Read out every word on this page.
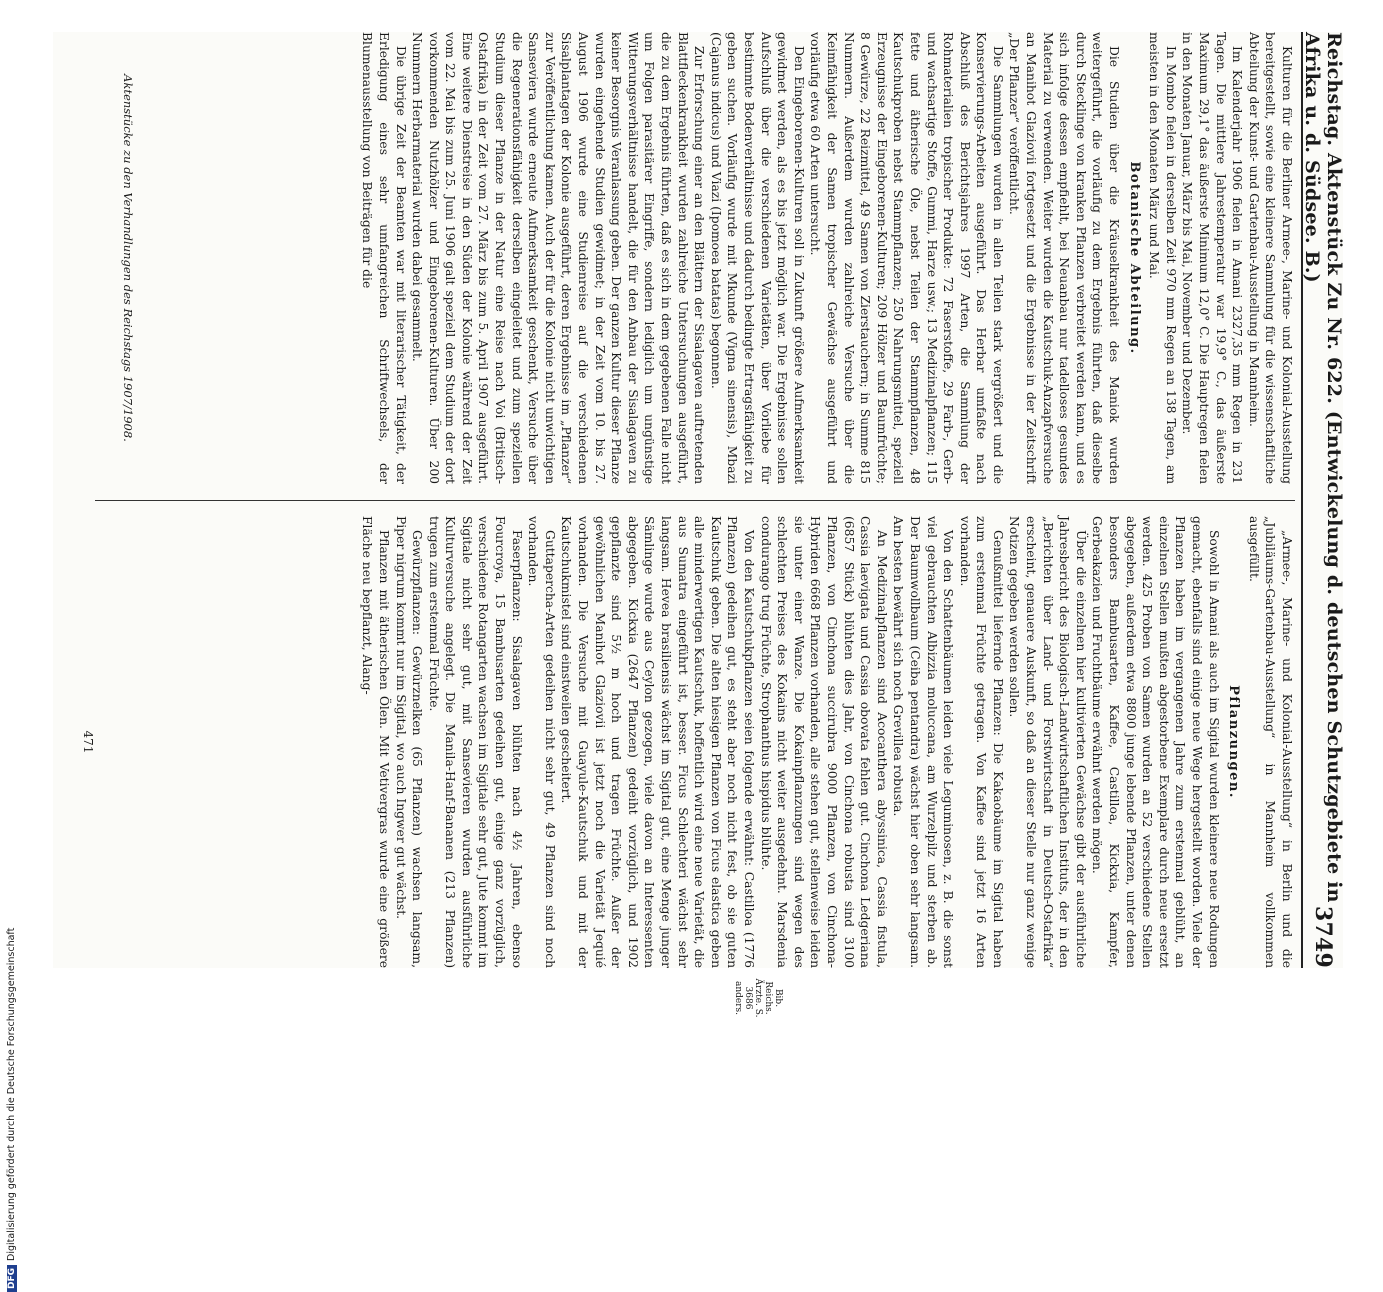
Reichstag. Aktenstück Zu Nr. 622. (Entwickelung d. deutschen Schutzgebiete in Afrika u. d. Südsee. B.)
3749

Kulturen für die Berliner Armee-, Marine- und Kolonial-Ausstellung bereitgestellt, sowie eine kleinere Sammlung für die wissenschaftliche Abteilung der Kunst- und Gartenbau-Ausstellung in Mannheim.

Im Kalenderjahr 1906 fielen in Amani 2327,35 mm Regen in 231 Tagen. Die mittlere Jahrestemperatur war 19,9° C., das äußerste Maximum 29,1° das äußerste Minimum 12,0° C. Die Hauptregen fielen in den Monaten Januar, März bis Mai, November und Dezember.

In Mombo fielen in derselben Zeit 970 mm Regen an 138 Tagen, am meisten in den Monaten März und Mai.

Botanische Abteilung.

Die Studien über die Kräuselkrankheit des Maniok wurden weitergeführt, die vorläufig zu dem Ergebnis führten, daß dieselbe durch Stecklinge von kranken Pflanzen verbreitet werden kann, und es sich infolge dessen empfiehlt, bei Neuanbau nur tadelloses gesundes Material zu verwenden. Weiter wurden die Kautschuk-Anzapfversuche an Manihot Glaziovii fortgesetzt und die Ergebnisse in der Zeitschrift „Der Pflanzer“ veröffentlicht.

Die Sammlungen wurden in allen Teilen stark vergrößert und die Konservierungs-Arbeiten ausgeführt. Das Herbar umfaßte nach Abschluß des Berichtsjahres 1997 Arten, die Sammlung der Rohmaterialien tropischer Produkte: 72 Faserstoffe, 29 Farb-, Gerb- und wachsartige Stoffe, Gummi, Harze usw.; 13 Medizinalpflanzen; 115 fette und ätherische Öle, nebst Teilen der Stammpflanzen, 48 Kautschukproben nebst Stammpflanzen; 250 Nahrungsmittel, speziell Erzeugnisse der Eingeborenen-Kulturen; 209 Hölzer und Baumfrüchte; 8 Gewürze, 22 Reizmittel, 49 Samen von Zierstauchern; in Summe 815 Nummern. Außerdem wurden zahlreiche Versuche über die Keimfähigkeit der Samen tropischer Gewächse ausgeführt und vorläufig etwa 60 Arten untersucht.

Den Eingeborenen-Kulturen soll in Zukunft größere Aufmerksamkeit gewidmet werden, als es bis jetzt möglich war. Die Ergebnisse sollen Aufschluß über die verschiedenen Varietäten, über Vorliebe für bestimmte Bodenverhältnisse und dadurch bedingte Ertragsfähigkeit zu geben suchen. Vorläufig wurde mit Mkunde (Vigna sinensis), Mbazi (Cajanus indicus) und Viazi (Ipomoea batatas) begonnen.

Zur Erforschung einer an den Blättern der Sisalagaven auftretenden Blattfleckenkrankheit wurden zahlreiche Untersuchungen ausgeführt, die zu dem Ergebnis führten, daß es sich in dem gegebenen Falle nicht um Folgen parasitärer Eingriffe, sondern lediglich um ungünstige Witterungsverhältnisse handelt, die für den Anbau der Sisalagaven zu keiner Besorgnis Veranlassung geben. Der ganzen Kultur dieser Pflanze wurden eingehende Studien gewidmet; in der Zeit vom 10. bis 27. August 1906 wurde eine Studienreise auf die verschiedenen Sisalplantagen der Kolonie ausgeführt, deren Ergebnisse im „Pflanzer“ zur Veröffentlichung kamen. Auch der für die Kolonie nicht unwichtigen Sanseviera wurde erneute Aufmerksamkeit geschenkt, Versuche über die Regenerationsfähigkeit derselben eingeleitet und zum speziellen Studium dieser Pflanze in der Natur eine Reise nach Voi (Britisch-Ostafrika) in der Zeit vom 27. März bis zum 5. April 1907 ausgeführt. Eine weitere Dienstreise in den Süden der Kolonie während der Zeit vom 22. Mai bis zum 25. Juni 1906 galt speziell dem Studium der dort vorkommenden Nutzhölzer und Eingeborenen-Kulturen. Über 200 Nummern Herbarmaterial wurden dabei gesammelt.

Die übrige Zeit der Beamten war mit literarischer Tätigkeit, der Erledigung eines sehr umfangreichen Schriftwechsels, der Blumenausstellung von Beiträgen für die

„Armee-, Marine- und Kolonial-Ausstellung“ in Berlin und die „Jubiläums-Gartenbau-Ausstellung“ in Mannheim vollkommen ausgefüllt.

Pflanzungen.

Sowohl in Amani als auch im Sigital wurden kleinere neue Rodungen gemacht, ebenfalls sind einige neue Wege hergestellt worden. Viele der Pflanzen haben im vergangenen Jahre zum erstenmal geblüht, an einzelnen Stellen mußten abgestorbene Exemplare durch neue ersetzt werden. 425 Proben von Samen wurden an 52 verschiedene Stellen abgegeben, außerdem etwa 8800 junge lebende Pflanzen, unter denen besonders Bambusarten, Kaffee, Castilloa, Kickxia, Kampfer, Gerbeakazien und Fruchtbäume erwähnt werden mögen.

Über die einzelnen hier kultivierten Gewächse gibt der ausführliche Jahresbericht des Biologisch-Landwirtschaftlichen Instituts, der in den „Berichten über Land- und Forstwirtschaft in Deutsch-Ostafrika“ erscheint, genauere Auskunft, so daß an dieser Stelle nur ganz wenige Notizen gegeben werden sollen.

Genußmittel liefernde Pflanzen: Die Kakaobäume im Sigital haben zum erstenmal Früchte getragen. Von Kaffee sind jetzt 16 Arten vorhanden.

Von den Schattenbäumen leiden viele Leguminosen, z. B. die sonst viel gebrauchten Albizzia moluccana, am Wurzelpilz und sterben ab. Der Baumwollbaum (Ceiba pentandra) wächst hier oben sehr langsam. Am besten bewährt sich noch Grevillea robusta.

An Medizinalpflanzen sind Acocanthera abyssinica, Cassia fistula, Cassia laevigata und Cassia obovata fehlen gut. Cinchona Ledgeriana (6857 Stück) blühten dies Jahr, von Cinchona robusta sind 3100 Pflanzen, von Cinchona succirubra 9000 Pflanzen, von Cinchona-Hybriden 6668 Pflanzen vorhanden, alle stehen gut, stellenweise leiden sie unter einer Wanze. Die Kokainpflanzungen sind wegen des schlechten Preises des Kokains nicht weiter ausgedehnt. Marsdenia condurango trug Früchte, Strophanthus hispidus blühte.

Von den Kautschukpflanzen seien folgende erwähnt: Castilloa (1776 Pflanzen) gedeihen gut, es steht aber noch nicht fest, ob sie guten Kautschuk geben. Die alten hiesigen Pflanzen von Ficus elastica geben alle minderwertigen Kautschuk, hoffentlich wird eine neue Varietät, die aus Sumatra eingeführt ist, besser. Ficus Schlechteri wächst sehr langsam. Hevea brasiliensis wächst im Sigital gut, eine Menge junger Sämlinge wurde aus Ceylon gezogen, viele davon an Interessenten abgegeben. Kickxia (2647 Pflanzen) gedeiht vorzüglich, und 1902 gepflanzte sind 5½ m hoch und tragen Früchte. Außer der gewöhnlichen Manihot Glaziovii ist jetzt noch die Varietät Jequié vorhanden. Die Versuche mit Guayule-Kautschuk und mit der Kautschukmistel sind einstweilen gescheitert.

Guttapercha-Arten gedeihen nicht sehr gut, 49 Pflanzen sind noch vorhanden.

Faserpflanzen: Sisalagaven blühten nach 4½ Jahren, ebenso Fourcroya, 15 Bambusarten gedeihen gut, einige ganz vorzüglich, verschiedene Rotangarten wachsen im Sigitale sehr gut, Jute kommt im Sigitale nicht sehr gut, mit Sansevieren wurden ausführliche Kulturversuche angelegt. Die Manila-Hanf-Bananen (213 Pflanzen) trugen zum erstenmal Früchte.

Gewürzpflanzen: Gewürznelken (65 Pflanzen) wachsen langsam, Piper nigrum kommt nur im Sigital, wo auch Ingwer gut wächst.

Pflanzen mit ätherischen Ölen. Mit Vetivergras wurde eine größere Fläche neu bepflanzt, Alang-

Aktenstücke zu den Verhandlungen des Reichstags 1907/1908.
471
Bib. Reichs. Ärzte. S. 3686 anders.
DFGDigitalisierung gefördert durch die Deutsche Forschungsgemeinschaft
